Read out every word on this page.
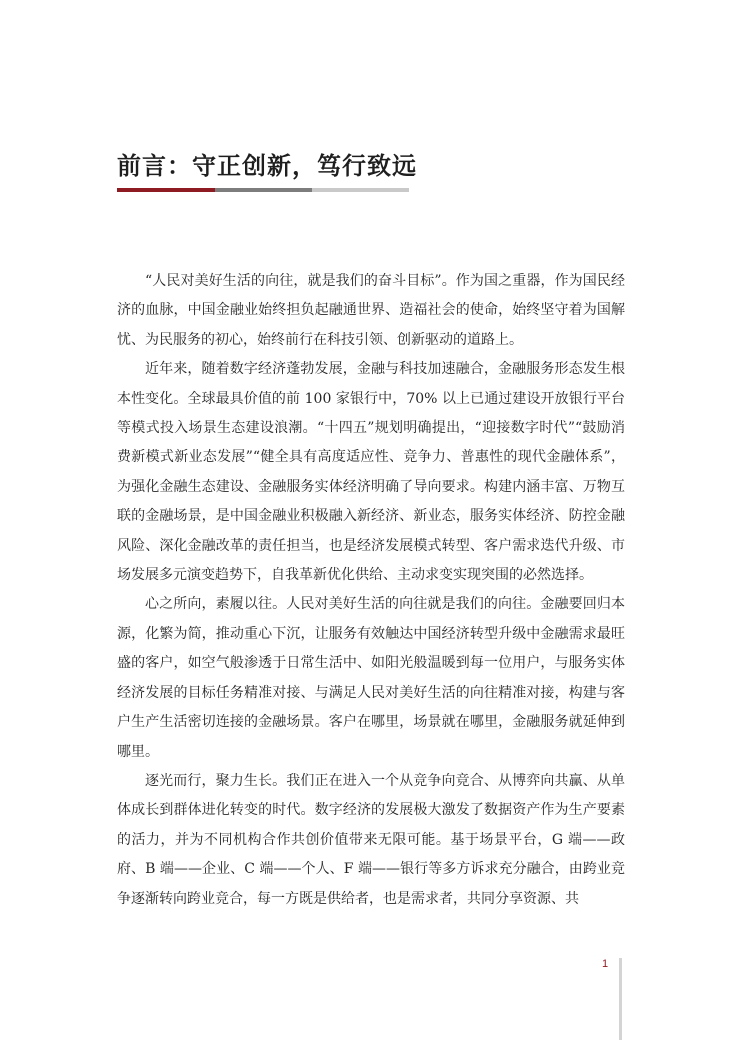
前言：守正创新，笃行致远

“人民对美好生活的向往，就是我们的奋斗目标”。作为国之重器，作为国民经济的血脉，中国金融业始终担负起融通世界、造福社会的使命，始终坚守着为国解忧、为民服务的初心，始终前行在科技引领、创新驱动的道路上。

近年来，随着数字经济蓬勃发展，金融与科技加速融合，金融服务形态发生根本性变化。全球最具价值的前 100 家银行中，70% 以上已通过建设开放银行平台等模式投入场景生态建设浪潮。“十四五”规划明确提出，“迎接数字时代”“鼓励消费新模式新业态发展”“健全具有高度适应性、竞争力、普惠性的现代金融体系”，为强化金融生态建设、金融服务实体经济明确了导向要求。构建内涵丰富、万物互联的金融场景，是中国金融业积极融入新经济、新业态，服务实体经济、防控金融风险、深化金融改革的责任担当，也是经济发展模式转型、客户需求迭代升级、市场发展多元演变趋势下，自我革新优化供给、主动求变实现突围的必然选择。

心之所向，素履以往。人民对美好生活的向往就是我们的向往。金融要回归本源，化繁为简，推动重心下沉，让服务有效触达中国经济转型升级中金融需求最旺盛的客户，如空气般渗透于日常生活中、如阳光般温暖到每一位用户，与服务实体经济发展的目标任务精准对接、与满足人民对美好生活的向往精准对接，构建与客户生产生活密切连接的金融场景。客户在哪里，场景就在哪里，金融服务就延伸到哪里。

逐光而行，聚力生长。我们正在进入一个从竞争向竞合、从博弈向共赢、从单体成长到群体进化转变的时代。数字经济的发展极大激发了数据资产作为生产要素的活力，并为不同机构合作共创价值带来无限可能。基于场景平台，G 端——政府、B 端——企业、C 端——个人、F 端——银行等多方诉求充分融合，由跨业竞争逐渐转向跨业竞合，每一方既是供给者，也是需求者，共同分享资源、共

1
